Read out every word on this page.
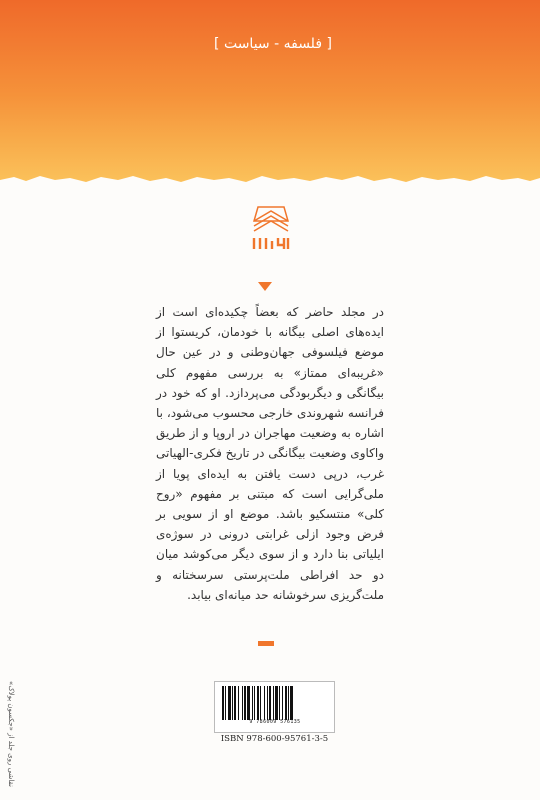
[ فلسفه - سیاست ]

در مجلد حاضر که بعضاً چکیده‌ای است از ایده‌های اصلی بیگانه با خودمان، کریستوا از موضع فیلسوفی جهان‌وطنی و در عین حال «غریبه‌ای ممتاز» به بررسی مفهوم کلی بیگانگی و دیگربودگی می‌پردازد. او که خود در فرانسه شهروندی خارجی محسوب می‌شود، با اشاره به وضعیت مهاجران در اروپا و از طریق واکاوی وضعیت بیگانگی در تاریخ فکری-الهیاتی غرب، درپی دست یافتن به ایده‌ای پویا از ملی‌گرایی است که مبتنی بر مفهوم «روح کلی» منتسکیو باشد. موضع او از سویی بر فرض وجود ازلی غرابتی درونی در سوژه‌ی ایلیاتی بنا دارد و از سوی دیگر می‌کوشد میان دو حد افراطی ملت‌پرستی سرسختانه و ملت‌گریزی سرخوشانه حد میانه‌ای بیابد.

9 786009 576135
ISBN 978-600-95761-3-5
نقاشی روی جلد از «جکسون پولاک»
